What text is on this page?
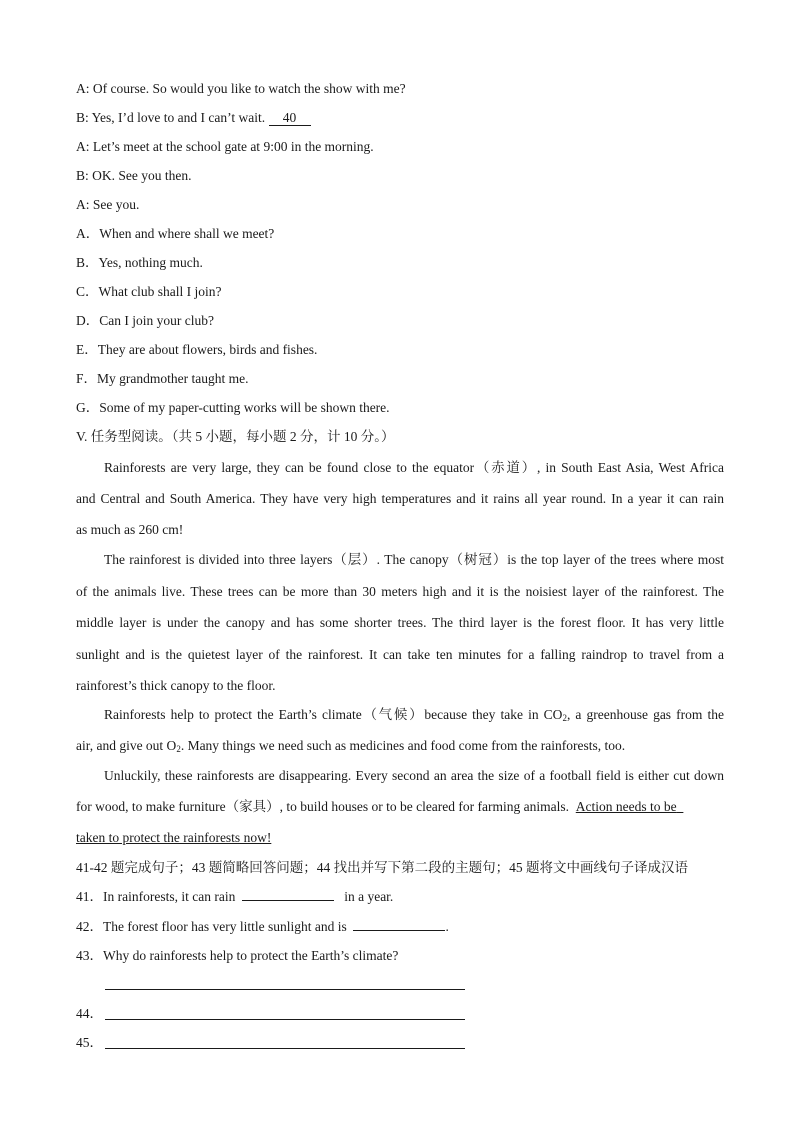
A: Of course. So would you like to watch the show with me?
B: Yes, I’d love to and I can’t wait. 40
A: Let’s meet at the school gate at 9:00 in the morning.
B: OK. See you then.
A: See you.
A．When and where shall we meet?
B．Yes, nothing much.
C．What club shall I join?
D．Can I join your club?
E．They are about flowers, birds and fishes.
F．My grandmother taught me.
G．Some of my paper-cutting works will be shown there.
V. 任务型阅读。（共 5 小题，每小题 2 分，计 10 分。）
Rainforests are very large, they can be found close to the equator（赤道）, in South East Asia, West Africa
and Central and South America. They have very high temperatures and it rains all year round. In a year it can rain
as much as 260 cm!
The rainforest is divided into three layers（层）. The canopy（树冠）is the top layer of the trees where most
of the animals live. These trees can be more than 30 meters high and it is the noisiest layer of the rainforest. The
middle layer is under the canopy and has some shorter trees. The third layer is the forest floor. It has very little
sunlight and is the quietest layer of the rainforest. It can take ten minutes for a falling raindrop to travel from a
rainforest’s thick canopy to the floor.
Rainforests help to protect the Earth’s climate（气候）because they take in $CO_2$, a greenhouse gas from the
air, and give out $O_2$. Many things we need such as medicines and food come from the rainforests, too.
Unluckily, these rainforests are disappearing. Every second an area the size of a football field is either cut down
for wood, to make furniture（家具）, to build houses or to be cleared for farming animals. Action needs to be
taken to protect the rainforests now!
41-42 题完成句子；43 题简略回答问题；44 找出并写下第二段的主题句；45 题将文中画线句子译成汉语
41．In rainforests, it can rain	in a year.
42．The forest floor has very little sunlight and is	.
43．Why do rainforests help to protect the Earth’s climate?
44．
45．
